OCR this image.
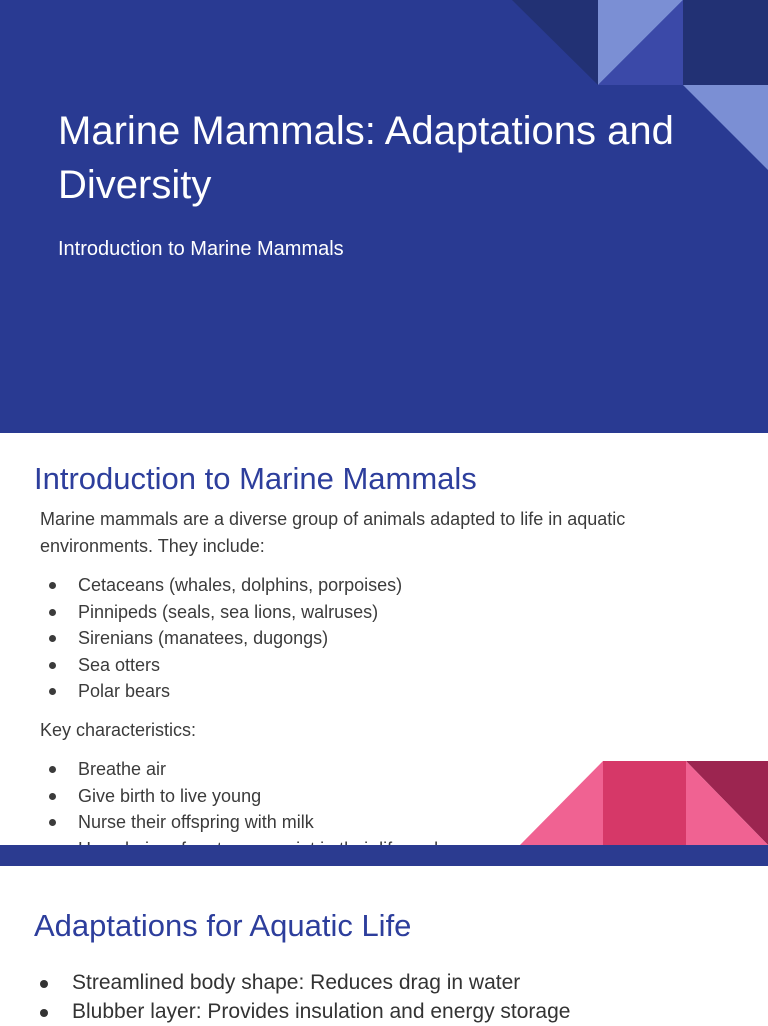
Marine Mammals: Adaptations and Diversity

Introduction to Marine Mammals

Introduction to Marine Mammals

Marine mammals are a diverse group of animals adapted to life in aquatic environments. They include:

Cetaceans (whales, dolphins, porpoises)
Pinnipeds (seals, sea lions, walruses)
Sirenians (manatees, dugongs)
Sea otters
Polar bears

Key characteristics:

Breathe air
Give birth to live young
Nurse their offspring with milk
Adaptations for Aquatic Life
Streamlined body shape: Reduces drag in water
Blubber layer: Provides insulation and energy storage
